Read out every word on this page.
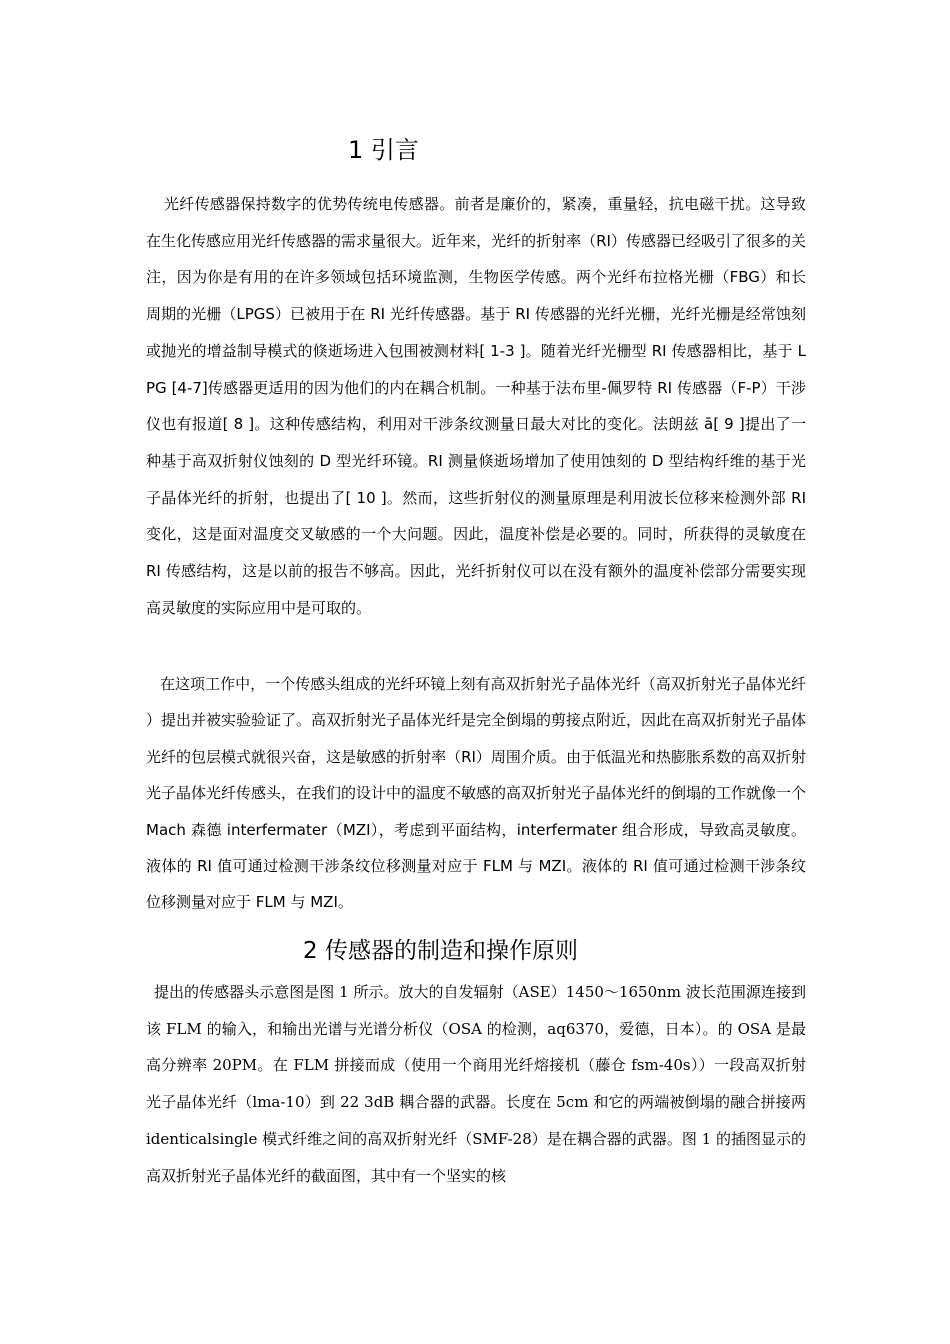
1 引言

光纤传感器保持数字的优势传统电传感器。前者是廉价的，紧凑，重量轻，抗电磁干扰。这导致在生化传感应用光纤传感器的需求量很大。近年来，光纤的折射率（RI）传感器已经吸引了很多的关注，因为你是有用的在许多领域包括环境监测，生物医学传感。两个光纤布拉格光栅（FBG）和长周期的光栅（LPGS）已被用于在 RI 光纤传感器。基于 RI 传感器的光纤光栅，光纤光栅是经常蚀刻或抛光的增益制导模式的倏逝场进入包围被测材料[ 1-3 ]。随着光纤光栅型 RI 传感器相比，基于 LPG [4-7]传感器更适用的因为他们的内在耦合机制。一种基于法布里-佩罗特 RI 传感器（F-P）干涉仪也有报道[ 8 ]。这种传感结构，利用对干涉条纹测量日最大对比的变化。法朗兹 ā[ 9 ]提出了一种基于高双折射仪蚀刻的 D 型光纤环镜。RI 测量倏逝场增加了使用蚀刻的 D 型结构纤维的基于光子晶体光纤的折射，也提出了[ 10 ]。然而，这些折射仪的测量原理是利用波长位移来检测外部 RI 变化，这是面对温度交叉敏感的一个大问题。因此，温度补偿是必要的。同时，所获得的灵敏度在 RI 传感结构，这是以前的报告不够高。因此，光纤折射仪可以在没有额外的温度补偿部分需要实现高灵敏度的实际应用中是可取的。

在这项工作中，一个传感头组成的光纤环镜上刻有高双折射光子晶体光纤（高双折射光子晶体光纤）提出并被实验验证了。高双折射光子晶体光纤是完全倒塌的剪接点附近，因此在高双折射光子晶体光纤的包层模式就很兴奋，这是敏感的折射率（RI）周围介质。由于低温光和热膨胀系数的高双折射光子晶体光纤传感头，在我们的设计中的温度不敏感的高双折射光子晶体光纤的倒塌的工作就像一个 Mach 森德 interfermater（MZI），考虑到平面结构，interfermater 组合形成，导致高灵敏度。液体的 RI 值可通过检测干涉条纹位移测量对应于 FLM 与 MZI。液体的 RI 值可通过检测干涉条纹位移测量对应于 FLM 与 MZI。

2 传感器的制造和操作原则

提出的传感器头示意图是图 1 所示。放大的自发辐射（ASE）1450～1650nm 波长范围源连接到该 FLM 的输入，和输出光谱与光谱分析仪（OSA 的检测，aq6370，爱德，日本）。的 OSA 是最高分辨率 20PM。在 FLM 拼接而成（使用一个商用光纤熔接机（藤仓 fsm-40s））一段高双折射光子晶体光纤（lma-10）到 22 3dB 耦合器的武器。长度在 5cm 和它的两端被倒塌的融合拼接两 identicalsingle 模式纤维之间的高双折射光纤（SMF-28）是在耦合器的武器。图 1 的插图显示的高双折射光子晶体光纤的截面图，其中有一个坚实的核
